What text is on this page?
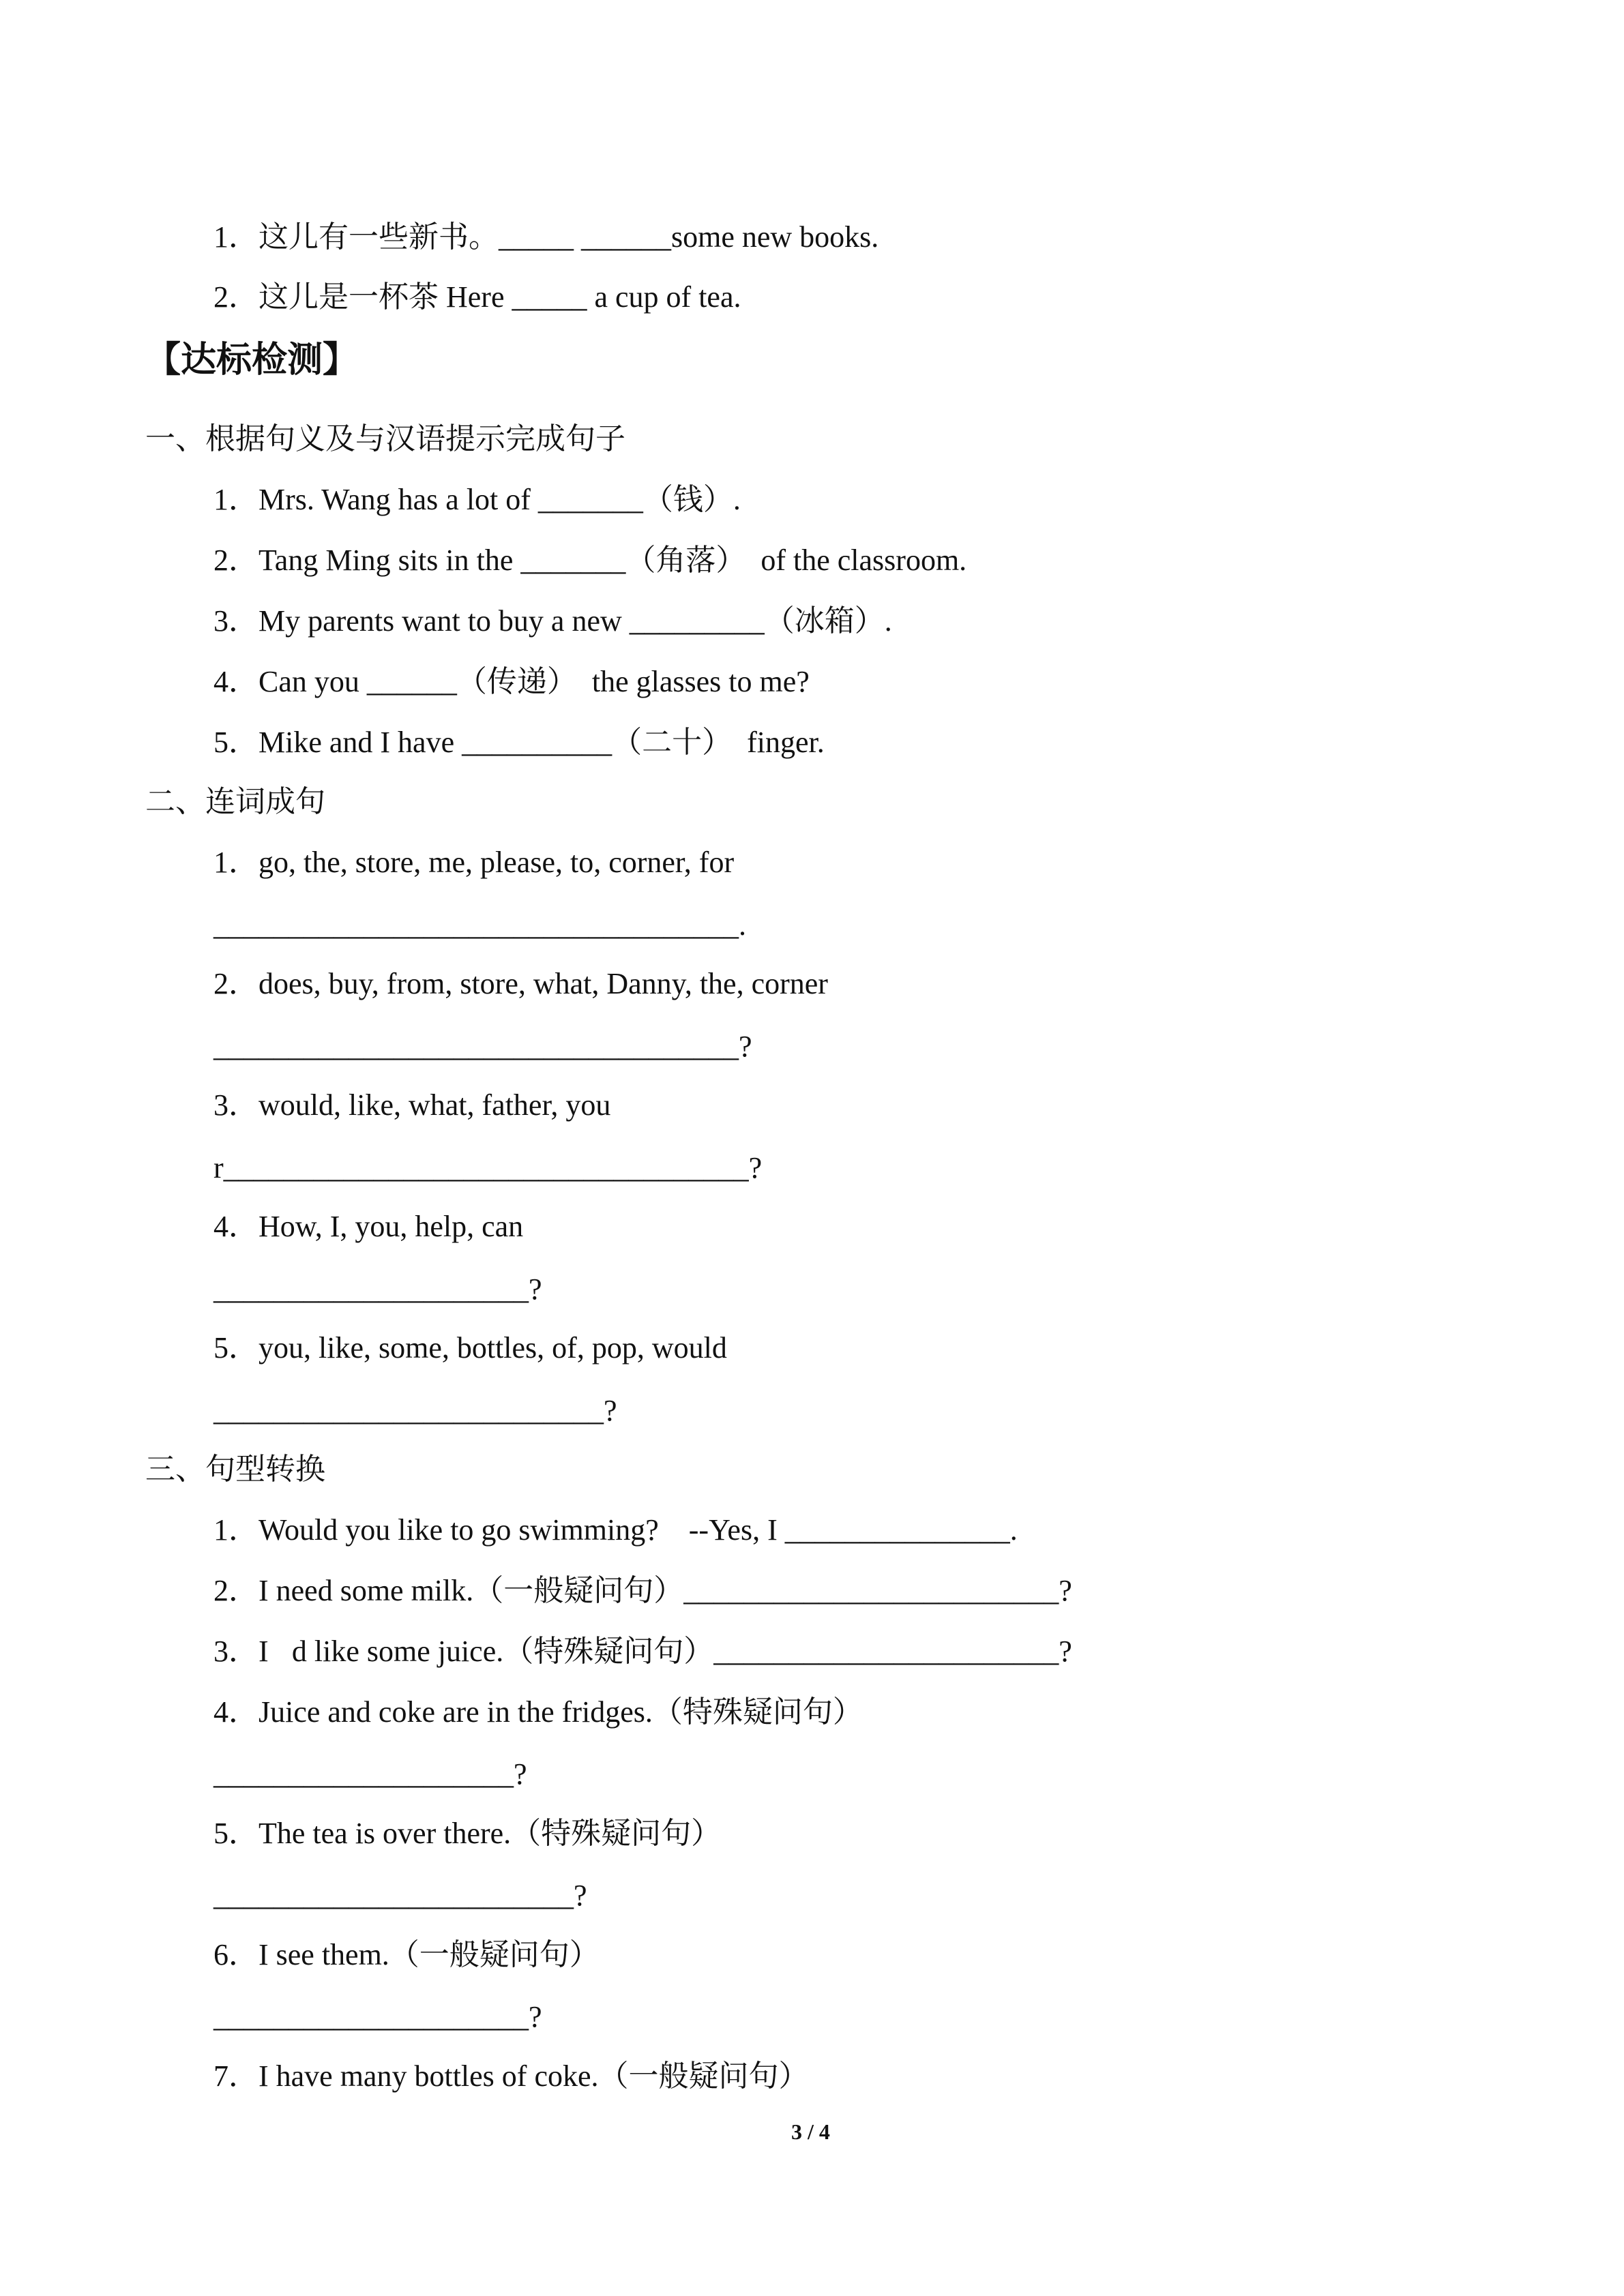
1．这儿有一些新书。_____ ______some new books.
2．这儿是一杯茶 Here _____ a cup of tea.
【达标检测】
一、根据句义及与汉语提示完成句子
1．Mrs. Wang has a lot of _______（钱）.
2．Tang Ming sits in the _______（角落）  of the classroom.
3．My parents want to buy a new _________（冰箱）.
4．Can you ______（传递）  the glasses to me?
5．Mike and I have __________（二十）  finger.
二、连词成句
1．go, the, store, me, please, to, corner, for
___________________________________.
2．does, buy, from, store, what, Danny, the, corner
___________________________________?
3．would, like, what, father, you
r___________________________________?
4．How, I, you, help, can
_____________________?
5．you, like, some, bottles, of, pop, would
__________________________?
三、句型转换
1．Would you like to go swimming?    --Yes, I _______________.
2．I need some milk.（一般疑问句）_________________________?
3．I d like some juice.（特殊疑问句）_______________________?
4．Juice and coke are in the fridges.（特殊疑问句）
____________________?
5．The tea is over there.（特殊疑问句）
________________________?
6．I see them.（一般疑问句）
_____________________?
7．I have many bottles of coke.（一般疑问句）
3 / 4
